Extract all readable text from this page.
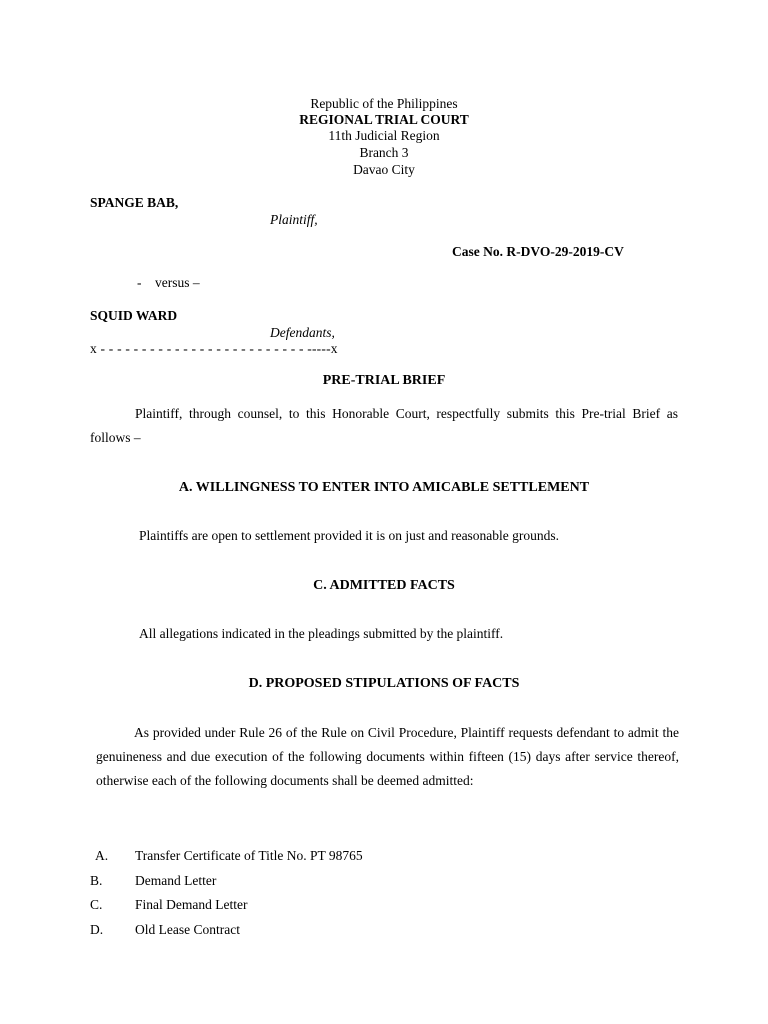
Republic of the Philippines
REGIONAL TRIAL COURT
11th Judicial Region
Branch 3
Davao City
SPANGE BAB,
Plaintiff,
Case No. R-DVO-29-2019-CV
-    versus –
SQUID WARD
Defendants,
x - - - - - - - - - - - - - - - - - - - - - - - - - -----x
PRE-TRIAL BRIEF

Plaintiff, through counsel, to this Honorable Court, respectfully submits this Pre-trial Brief as follows –

A. WILLINGNESS TO ENTER INTO AMICABLE SETTLEMENT
Plaintiffs are open to settlement provided it is on just and reasonable grounds.
C. ADMITTED FACTS
All allegations indicated in the pleadings submitted by the plaintiff.
D. PROPOSED STIPULATIONS OF FACTS

As provided under Rule 26 of the Rule on Civil Procedure, Plaintiff requests defendant to admit the genuineness and due execution of the following documents within fifteen (15) days after service thereof, otherwise each of the following documents shall be deemed admitted:

A. Transfer Certificate of Title No. PT 98765
B. Demand Letter
C. Final Demand Letter
D. Old Lease Contract
